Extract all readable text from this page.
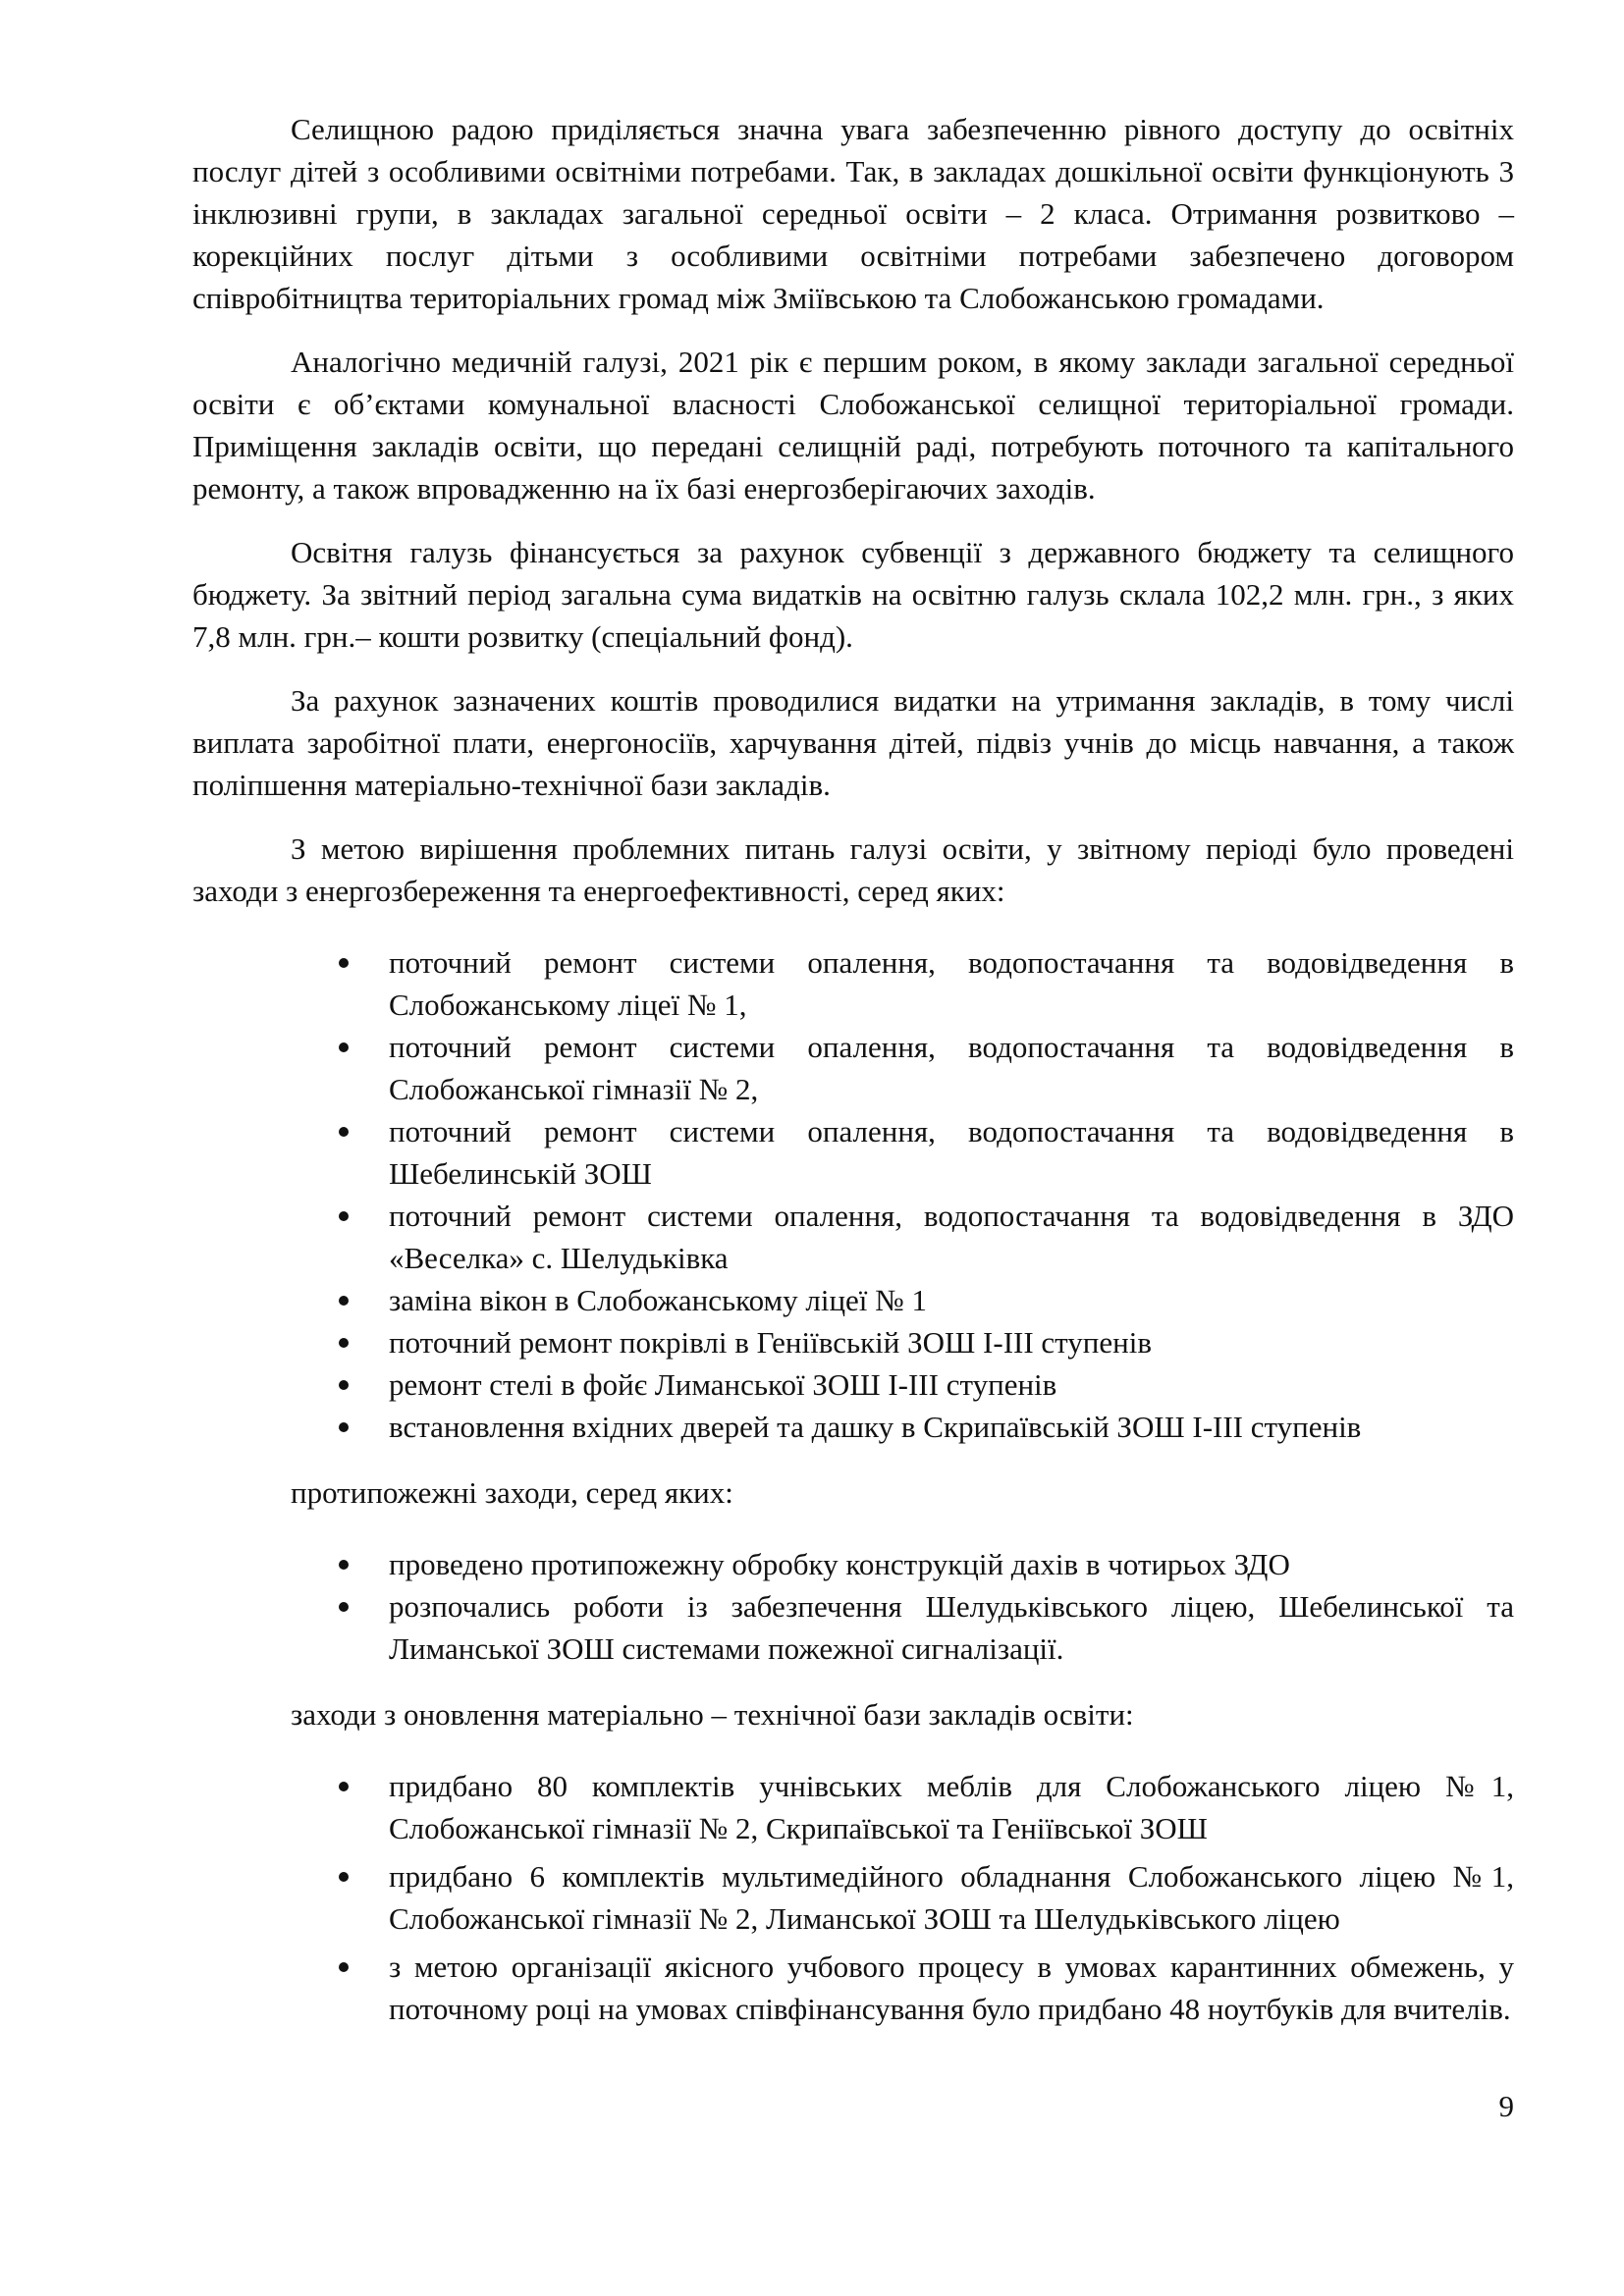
Селищною радою приділяється значна увага забезпеченню рівного доступу до освітніх послуг дітей з особливими освітніми потребами. Так, в закладах дошкільної освіти функціонують 3 інклюзивні групи, в закладах загальної середньої освіти – 2 класа. Отримання розвитково – корекційних послуг дітьми з особливими освітніми потребами забезпечено договором співробітництва територіальних громад між Зміївською та Слобожанською громадами.

Аналогічно медичній галузі, 2021 рік є першим роком, в якому заклади загальної середньої освіти є об’єктами комунальної власності Слобожанської селищної територіальної громади. Приміщення закладів освіти, що передані селищній раді, потребують поточного та капітального ремонту, а також впровадженню на їх базі енергозберігаючих заходів.

Освітня галузь фінансується за рахунок субвенції з державного бюджету та селищного бюджету. За звітний період загальна сума видатків на освітню галузь склала 102,2 млн. грн., з яких 7,8 млн. грн.– кошти розвитку (спеціальний фонд).

За рахунок зазначених коштів проводилися видатки на утримання закладів, в тому числі виплата заробітної плати, енергоносіїв, харчування дітей, підвіз учнів до місць навчання, а також поліпшення матеріально-технічної бази закладів.

З метою вирішення проблемних питань галузі освіти, у звітному періоді було проведені заходи з енергозбереження та енергоефективності, серед яких:

поточний ремонт системи опалення, водопостачання та водовідведення в Слобожанському ліцеї № 1,
поточний ремонт системи опалення, водопостачання та водовідведення в Слобожанської гімназії № 2,
поточний ремонт системи опалення, водопостачання та водовідведення в Шебелинській ЗОШ
поточний ремонт системи опалення, водопостачання та водовідведення в ЗДО «Веселка» с. Шелудьківка
заміна вікон в Слобожанському ліцеї № 1
поточний ремонт покрівлі в Геніївській ЗОШ І-ІІІ ступенів
ремонт стелі в фойє Лиманської ЗОШ І-ІІІ ступенів
встановлення вхідних дверей та дашку в Скрипаївській ЗОШ І-ІІІ ступенів

протипожежні заходи, серед яких:

проведено протипожежну обробку конструкцій дахів в чотирьох ЗДО
розпочались роботи із забезпечення Шелудьківського ліцею, Шебелинської та Лиманської ЗОШ системами пожежної сигналізації.

заходи з оновлення матеріально – технічної бази закладів освіти:

придбано 80 комплектів учнівських меблів для Слобожанського ліцею №1, Слобожанської гімназії № 2, Скрипаївської та Геніївської ЗОШ
придбано 6 комплектів мультимедійного обладнання Слобожанського ліцею №1, Слобожанської гімназії № 2, Лиманської ЗОШ та Шелудьківського ліцею
з метою організації якісного учбового процесу в умовах карантинних обмежень, у поточному році на умовах співфінансування було придбано 48 ноутбуків для вчителів.
9
